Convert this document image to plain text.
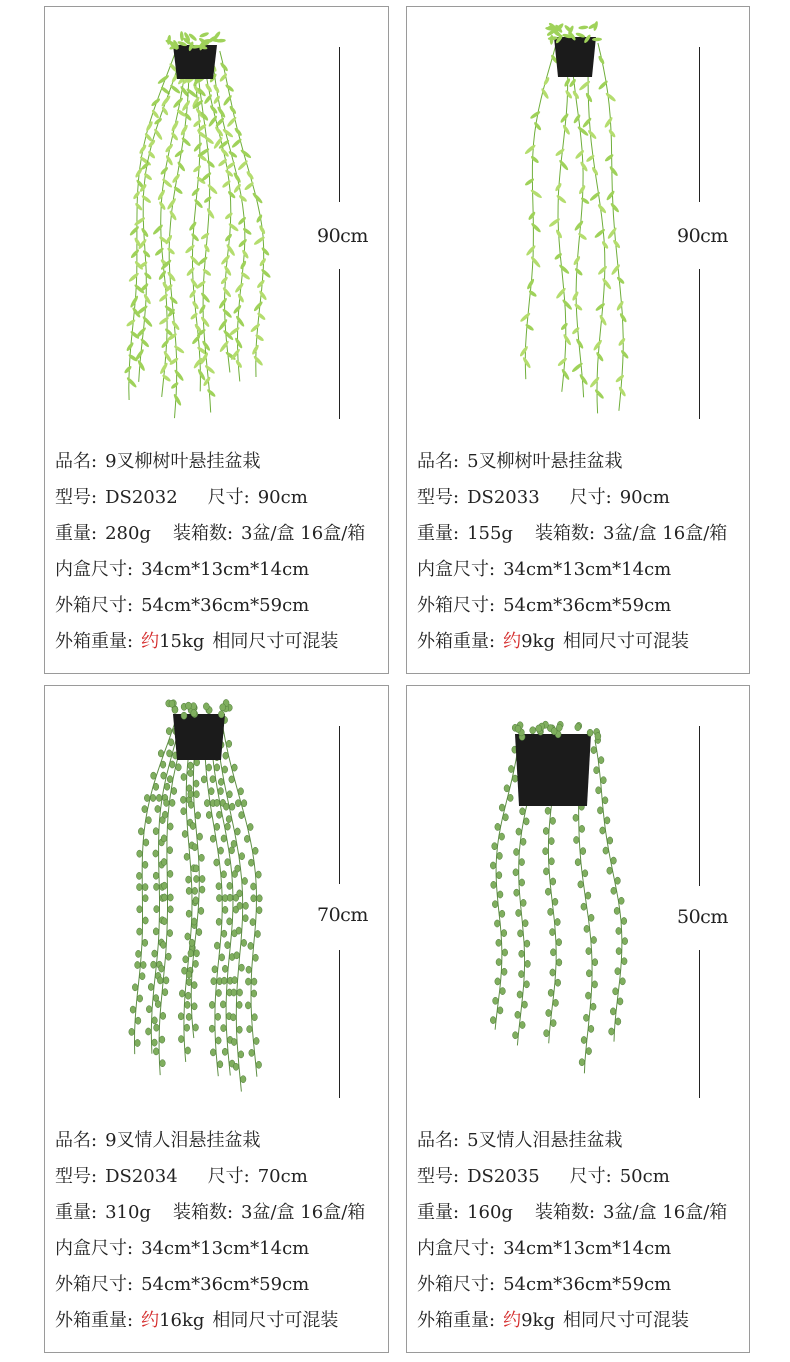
90cm
品名: 9叉柳树叶悬挂盆栽
型号: DS2032 尺寸: 90cm
重量: 280g 装箱数: 3盆/盒 16盒/箱
内盒尺寸: 34cm*13cm*14cm
外箱尺寸: 54cm*36cm*59cm
外箱重量: 约15kg 相同尺寸可混装
90cm
品名: 5叉柳树叶悬挂盆栽
型号: DS2033 尺寸: 90cm
重量: 155g 装箱数: 3盆/盒 16盒/箱
内盒尺寸: 34cm*13cm*14cm
外箱尺寸: 54cm*36cm*59cm
外箱重量: 约9kg 相同尺寸可混装
70cm
品名: 9叉情人泪悬挂盆栽
型号: DS2034 尺寸: 70cm
重量: 310g 装箱数: 3盆/盒 16盒/箱
内盒尺寸: 34cm*13cm*14cm
外箱尺寸: 54cm*36cm*59cm
外箱重量: 约16kg 相同尺寸可混装
50cm
品名: 5叉情人泪悬挂盆栽
型号: DS2035 尺寸: 50cm
重量: 160g 装箱数: 3盆/盒 16盒/箱
内盒尺寸: 34cm*13cm*14cm
外箱尺寸: 54cm*36cm*59cm
外箱重量: 约9kg 相同尺寸可混装
